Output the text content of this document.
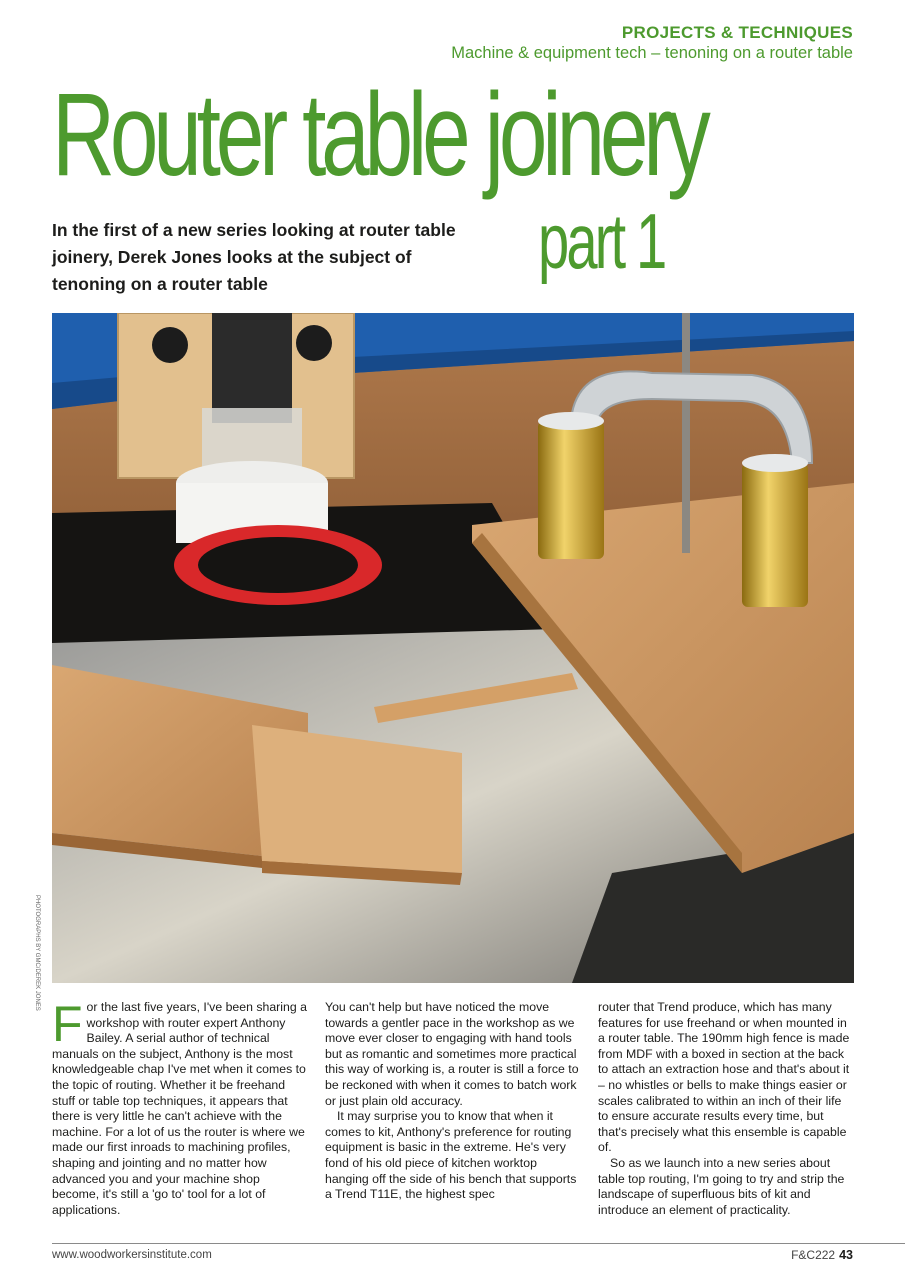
PROJECTS & TECHNIQUES
Machine & equipment tech – tenoning on a router table
Router table joinery
part 1

In the first of a new series looking at router table joinery, Derek Jones looks at the subject of tenoning on a router table

PHOTOGRAPHS BY GMC/DEREK JONES

F or the last five years, I've been sharing a workshop with router expert Anthony Bailey. A serial author of technical manuals on the subject, Anthony is the most knowledgeable chap I've met when it comes to the topic of routing. Whether it be freehand stuff or table top techniques, it appears that there is very little he can't achieve with the machine. For a lot of us the router is where we made our first inroads to machining profiles, shaping and jointing and no matter how advanced you and your machine shop become, it's still a 'go to' tool for a lot of applications.

You can't help but have noticed the move towards a gentler pace in the workshop as we move ever closer to engaging with hand tools but as romantic and sometimes more practical this way of working is, a router is still a force to be reckoned with when it comes to batch work or just plain old accuracy.

It may surprise you to know that when it comes to kit, Anthony's preference for routing equipment is basic in the extreme. He's very fond of his old piece of kitchen worktop hanging off the side of his bench that supports a Trend T11E, the highest spec

router that Trend produce, which has many features for use freehand or when mounted in a router table. The 190mm high fence is made from MDF with a boxed in section at the back to attach an extraction hose and that's about it – no whistles or bells to make things easier or scales calibrated to within an inch of their life to ensure accurate results every time, but that's precisely what this ensemble is capable of.

So as we launch into a new series about table top routing, I'm going to try and strip the landscape of superfluous bits of kit and introduce an element of practicality.

www.woodworkersinstitute.com	F&C222 43
